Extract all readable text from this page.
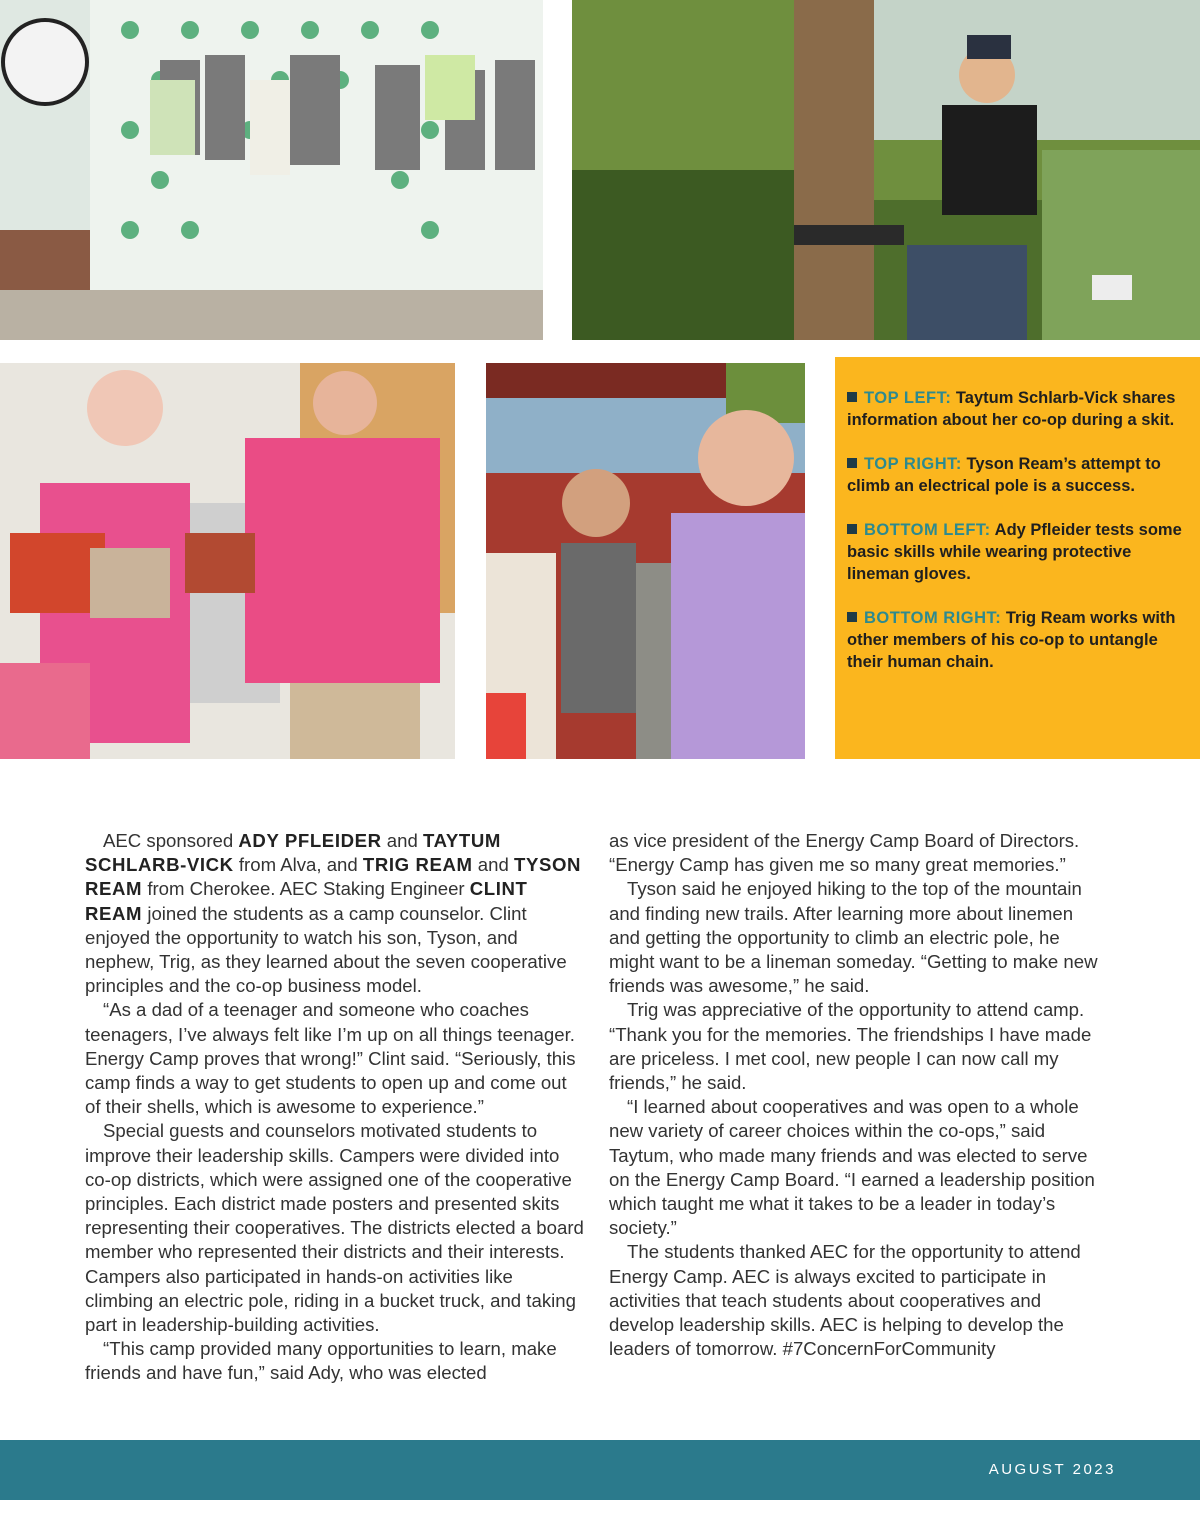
TOP LEFT: Taytum Schlarb-Vick shares information about her co-op during a skit.

TOP RIGHT: Tyson Ream’s attempt to climb an electrical pole is a success.

BOTTOM LEFT: Ady Pfleider tests some basic skills while wearing protective lineman gloves.

BOTTOM RIGHT: Trig Ream works with other members of his co-op to untangle their human chain.

AEC sponsored ADY PFLEIDER and TAYTUM SCHLARB-VICK from Alva, and TRIG REAM and TYSON REAM from Cherokee. AEC Staking Engineer CLINT REAM joined the students as a camp counselor. Clint enjoyed the opportunity to watch his son, Tyson, and nephew, Trig, as they learned about the seven cooperative principles and the co-op business model.

“As a dad of a teenager and someone who coaches teenagers, I’ve always felt like I’m up on all things teenager. Energy Camp proves that wrong!” Clint said. “Seriously, this camp finds a way to get students to open up and come out of their shells, which is awesome to experience.”

Special guests and counselors motivated students to improve their leadership skills. Campers were divided into co-op districts, which were assigned one of the cooperative principles. Each district made posters and presented skits representing their cooperatives. The districts elected a board member who represented their districts and their interests. Campers also participated in hands-on activities like climbing an electric pole, riding in a bucket truck, and taking part in leadership-building activities.

“This camp provided many opportunities to learn, make friends and have fun,” said Ady, who was elected

as vice president of the Energy Camp Board of Directors. “Energy Camp has given me so many great memories.”

Tyson said he enjoyed hiking to the top of the mountain and finding new trails. After learning more about linemen and getting the opportunity to climb an electric pole, he might want to be a lineman someday. “Getting to make new friends was awesome,” he said.

Trig was appreciative of the opportunity to attend camp. “Thank you for the memories. The friendships I have made are priceless. I met cool, new people I can now call my friends,” he said.

“I learned about cooperatives and was open to a whole new variety of career choices within the co-ops,” said Taytum, who made many friends and was elected to serve on the Energy Camp Board. “I earned a leadership position which taught me what it takes to be a leader in today’s society.”

The students thanked AEC for the opportunity to attend Energy Camp. AEC is always excited to participate in activities that teach students about cooperatives and develop leadership skills. AEC is helping to develop the leaders of tomorrow. #7ConcernForCommunity

AUGUST 2023
